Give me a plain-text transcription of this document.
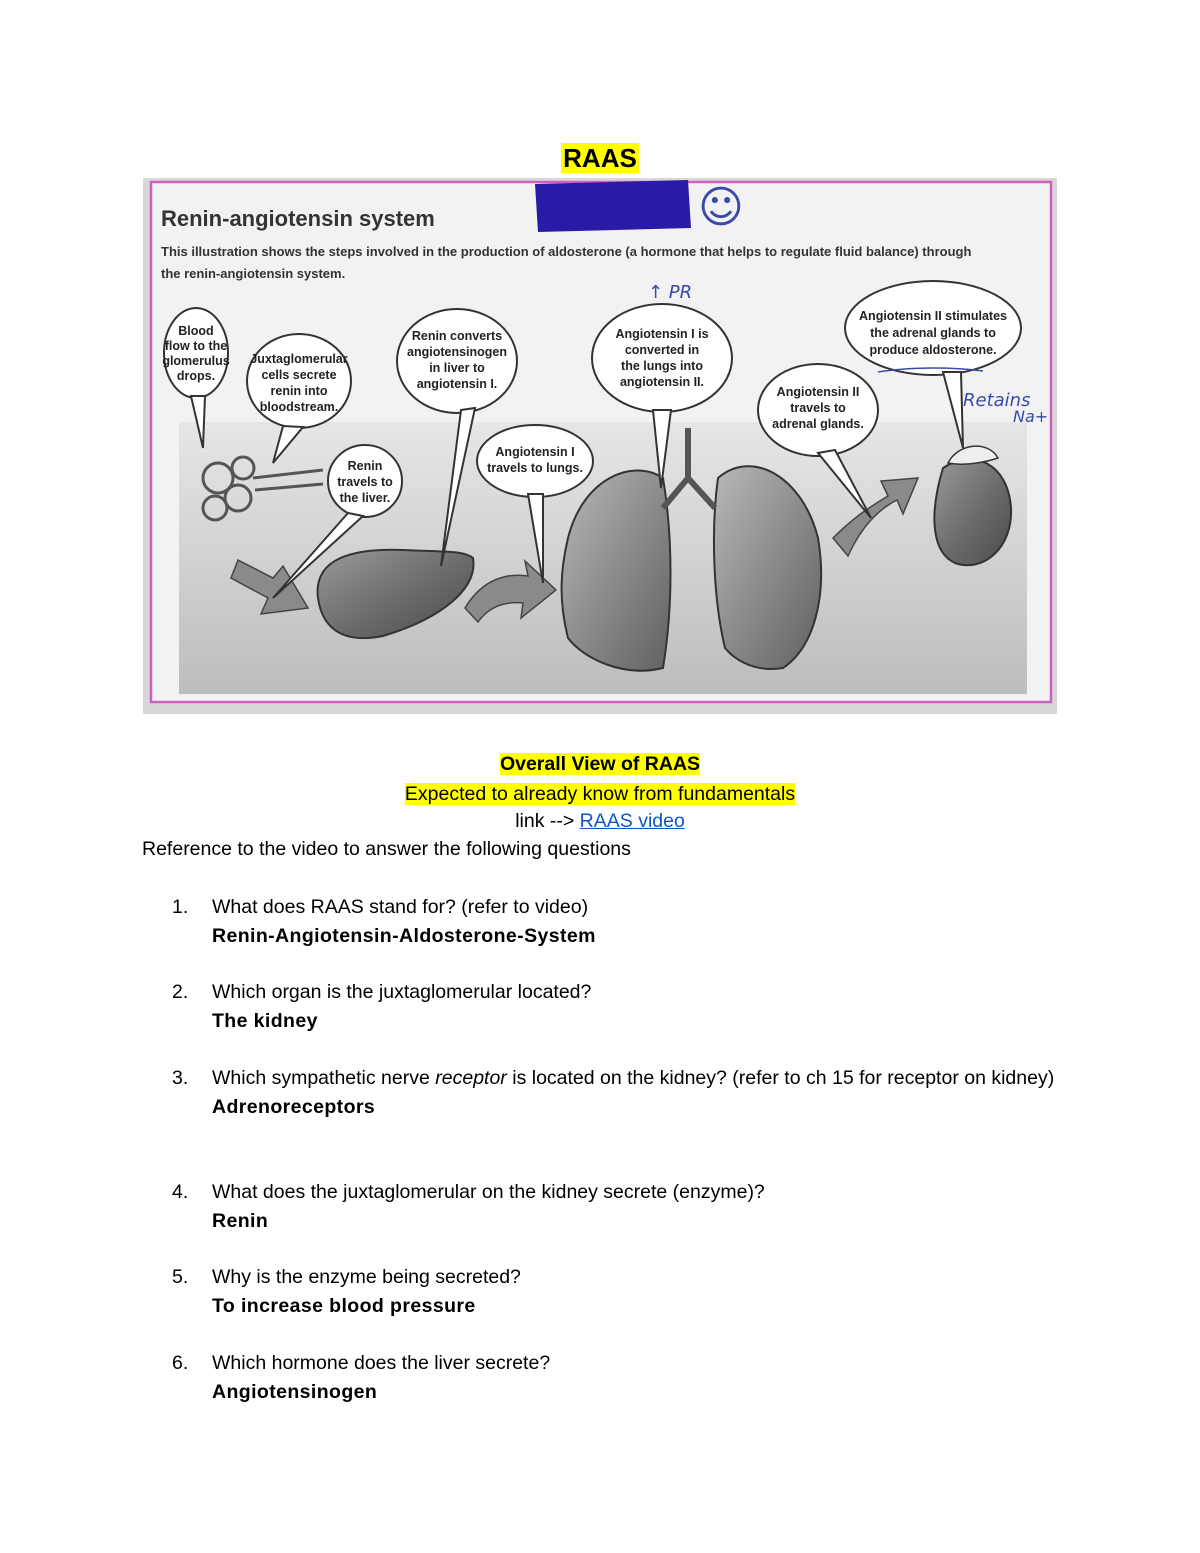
RAAS
Renin-angiotensin system
This illustration shows the steps involved in the production of aldosterone (a hormone that helps to regulate fluid balance) through
the renin-angiotensin system.
☺
Blood flow to the glomerulus drops.
Juxtaglomerular cells secrete renin into bloodstream.
Renin travels to the liver.
Renin converts angiotensinogen in liver to angiotensin I.
Angiotensin I travels to lungs.
Angiotensin I is converted in the lungs into angiotensin II.
Angiotensin II travels to adrenal glands.
Angiotensin II stimulates the adrenal glands to produce aldosterone.
↑ PR
Retains
Na+
Overall View of RAAS
Expected to already know from fundamentals
link --> RAAS video
Reference to the video to answer the following questions
1.	What does RAAS stand for? (refer to video)
Renin-Angiotensin-Aldosterone-System
2.	Which organ is the juxtaglomerular located?
The kidney
3.	Which sympathetic nerve receptor is located on the kidney? (refer to ch 15 for receptor on kidney)
Adrenoreceptors
4.	What does the juxtaglomerular on the kidney secrete (enzyme)?
Renin
5.	Why is the enzyme being secreted?
To increase blood pressure
6.	Which hormone does the liver secrete?
Angiotensinogen
